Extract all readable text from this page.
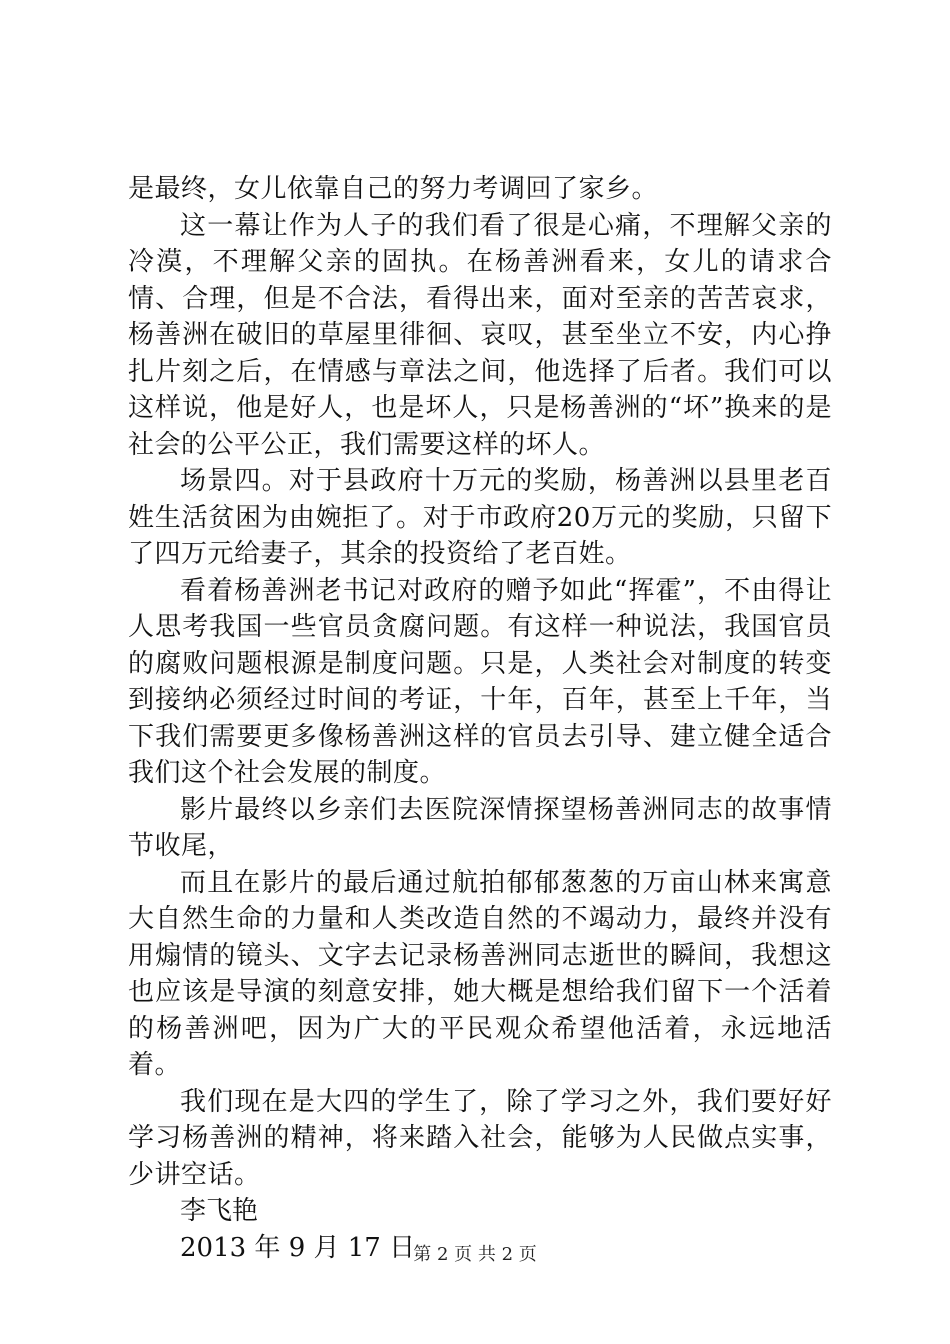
是最终，女儿依靠自己的努力考调回了家乡。

这一幕让作为人子的我们看了很是心痛，不理解父亲的冷漠，不理解父亲的固执。在杨善洲看来，女儿的请求合情、合理，但是不合法，看得出来，面对至亲的苦苦哀求，杨善洲在破旧的草屋里徘徊、哀叹，甚至坐立不安，内心挣扎片刻之后，在情感与章法之间，他选择了后者。我们可以这样说，他是好人，也是坏人，只是杨善洲的“坏”换来的是社会的公平公正，我们需要这样的坏人。

场景四。对于县政府十万元的奖励，杨善洲以县里老百姓生活贫困为由婉拒了。对于市政府20万元的奖励，只留下了四万元给妻子，其余的投资给了老百姓。

看着杨善洲老书记对政府的赠予如此“挥霍”，不由得让人思考我国一些官员贪腐问题。有这样一种说法，我国官员的腐败问题根源是制度问题。只是，人类社会对制度的转变到接纳必须经过时间的考证，十年，百年，甚至上千年，当下我们需要更多像杨善洲这样的官员去引导、建立健全适合我们这个社会发展的制度。

影片最终以乡亲们去医院深情探望杨善洲同志的故事情节收尾，

而且在影片的最后通过航拍郁郁葱葱的万亩山林来寓意大自然生命的力量和人类改造自然的不竭动力，最终并没有用煽情的镜头、文字去记录杨善洲同志逝世的瞬间，我想这也应该是导演的刻意安排，她大概是想给我们留下一个活着的杨善洲吧，因为广大的平民观众希望他活着，永远地活着。

我们现在是大四的学生了，除了学习之外，我们要好好学习杨善洲的精神，将来踏入社会，能够为人民做点实事，少讲空话。

李飞艳

2013 年 9 月 17 日

第 2 页 共 2 页
